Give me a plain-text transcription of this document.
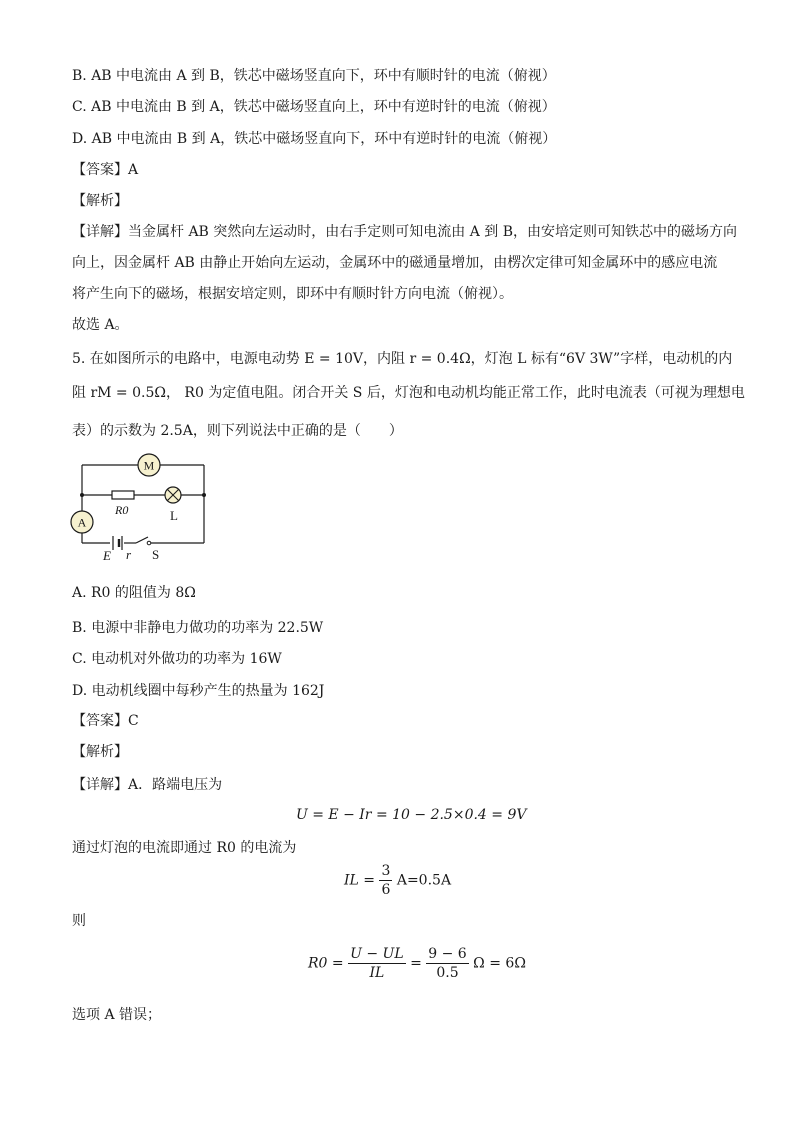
B. AB 中电流由 A 到 B，铁芯中磁场竖直向下，环中有顺时针的电流（俯视）
C. AB 中电流由 B 到 A，铁芯中磁场竖直向上，环中有逆时针的电流（俯视）
D. AB 中电流由 B 到 A，铁芯中磁场竖直向下，环中有逆时针的电流（俯视）
【答案】A
【解析】
【详解】当金属杆 AB 突然向左运动时，由右手定则可知电流由 A 到 B，由安培定则可知铁芯中的磁场方向
向上，因金属杆 AB 由静止开始向左运动，金属环中的磁通量增加，由楞次定律可知金属环中的感应电流
将产生向下的磁场，根据安培定则，即环中有顺时针方向电流（俯视）。
故选 A。
5. 在如图所示的电路中，电源电动势 E = 10V，内阻 r = 0.4Ω，灯泡 L 标有“6V 3W”字样，电动机的内
阻 rM = 0.5Ω， R0 为定值电阻。闭合开关 S 后，灯泡和电动机均能正常工作，此时电流表（可视为理想电
表）的示数为 2.5A，则下列说法中正确的是（　　）
M
A
R0	L
E r S
A. R0 的阻值为 8Ω
B. 电源中非静电力做功的功率为 22.5W
C. 电动机对外做功的功率为 16W
D. 电动机线圈中每秒产生的热量为 162J
【答案】C
【解析】
【详解】A．路端电压为
U = E − Ir = 10 − 2.5×0.4 = 9V
通过灯泡的电流即通过 R0 的电流为
IL = $\frac{3}{6} A=0.5A$
则
$R0 = \frac{U - UL}{IL} = \frac{9 - 6}{0.5}$ Ω = 6Ω
选项 A 错误；
